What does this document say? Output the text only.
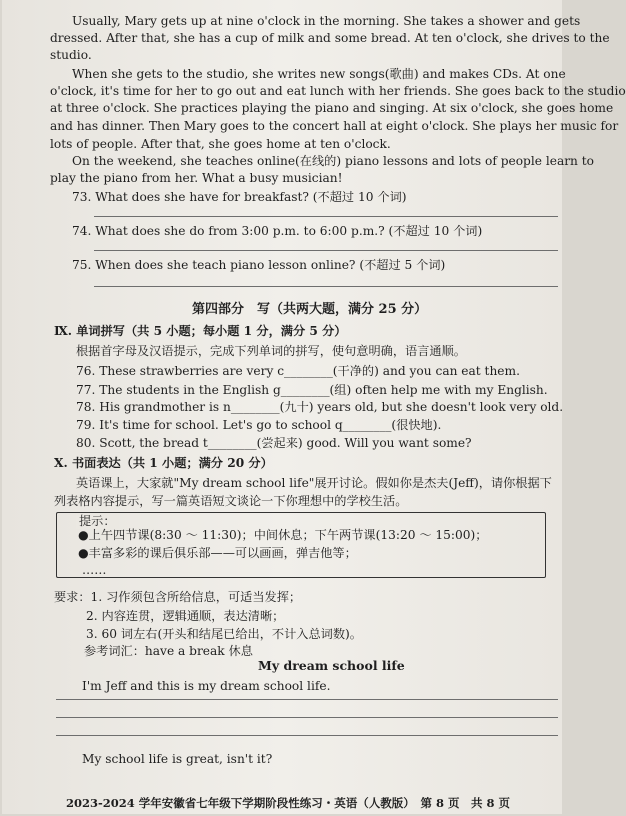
Usually, Mary gets up at nine o'clock in the morning. She takes a shower and gets
dressed. After that, she has a cup of milk and some bread. At ten o'clock, she drives to the
studio.
When she gets to the studio, she writes new songs(歌曲) and makes CDs. At one
o'clock, it's time for her to go out and eat lunch with her friends. She goes back to the studio
at three o'clock. She practices playing the piano and singing. At six o'clock, she goes home
and has dinner. Then Mary goes to the concert hall at eight o'clock. She plays her music for
lots of people. After that, she goes home at ten o'clock.
On the weekend, she teaches online(在线的) piano lessons and lots of people learn to
play the piano from her. What a busy musician!
73. What does she have for breakfast? (不超过 10 个词)
74. What does she do from 3:00 p.m. to 6:00 p.m.? (不超过 10 个词)
75. When does she teach piano lesson online? (不超过 5 个词)
第四部分　写（共两大题，满分 25 分）
Ⅸ. 单词拼写（共 5 小题；每小题 1 分，满分 5 分）
根据首字母及汉语提示，完成下列单词的拼写，使句意明确，语言通顺。
76. These strawberries are very c________(干净的) and you can eat them.
77. The students in the English g________(组) often help me with my English.
78. His grandmother is n________(九十) years old, but she doesn't look very old.
79. It's time for school. Let's go to school q________(很快地).
80. Scott, the bread t________(尝起来) good. Will you want some?
Ⅹ. 书面表达（共 1 小题；满分 20 分）
英语课上，大家就"My dream school life"展开讨论。假如你是杰夫(Jeff)，请你根据下
列表格内容提示，写一篇英语短文谈论一下你理想中的学校生活。
提示：
●上午四节课(8:30 ～ 11:30)；中间休息；下午两节课(13:20 ～ 15:00)；
●丰富多彩的课后俱乐部——可以画画，弹吉他等；
……
要求：1. 习作须包含所给信息，可适当发挥；
2. 内容连贯，逻辑通顺，表达清晰；
3. 60 词左右(开头和结尾已给出，不计入总词数)。
参考词汇：have a break 休息
My dream school life
I'm Jeff and this is my dream school life.
My school life is great, isn't it?
2023-2024 学年安徽省七年级下学期阶段性练习・英语（人教版）　第 8 页　共 8 页
